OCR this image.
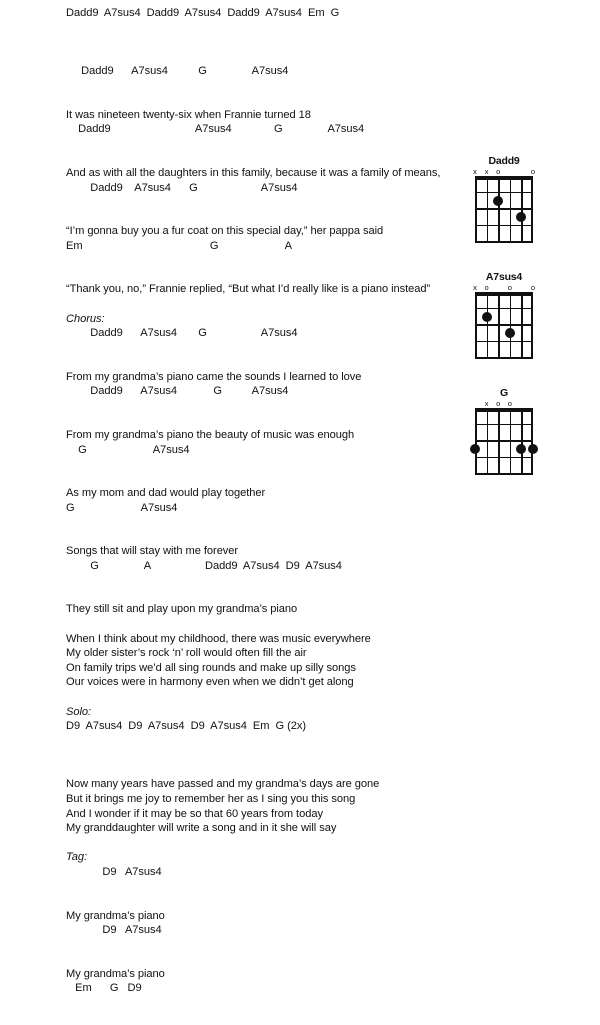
Dadd9  A7sus4  Dadd9  A7sus4  Dadd9  A7sus4  Em  G

Dadd9      A7sus4          G               A7sus4
It was nineteen twenty-six when Frannie turned 18
Dadd9                            A7sus4              G               A7sus4
And as with all the daughters in this family, because it was a family of means,
Dadd9    A7sus4      G                     A7sus4
“I’m gonna buy you a fur coat on this special day,” her pappa said
Em                                          G                      A
“Thank you, no,” Frannie replied, “But what I’d really like is a piano instead”

Chorus:
Dadd9      A7sus4       G                  A7sus4
From my grandma’s piano came the sounds I learned to love
Dadd9      A7sus4            G          A7sus4
From my grandma’s piano the beauty of music was enough
G                      A7sus4
As my mom and dad would play together
G                      A7sus4
Songs that will stay with me forever
G               A                  Dadd9  A7sus4  D9  A7sus4
They still sit and play upon my grandma’s piano

When I think about my childhood, there was music everywhere
My older sister’s rock ‘n’ roll would often fill the air
On family trips we’d all sing rounds and make up silly songs
Our voices were in harmony even when we didn’t get along

Solo:
D9  A7sus4  D9  A7sus4  D9  A7sus4  Em  G (2x)

Now many years have passed and my grandma’s days are gone
But it brings me joy to remember her as I sing you this song
And I wonder if it may be so that 60 years from today
My granddaughter will write a song and in it she will say

Tag:
D9   A7sus4
My grandma’s piano
D9   A7sus4
My grandma’s piano
Em      G   D9
Dadd9
x x o	o
A7sus4
x o	o	o
G
x o o
